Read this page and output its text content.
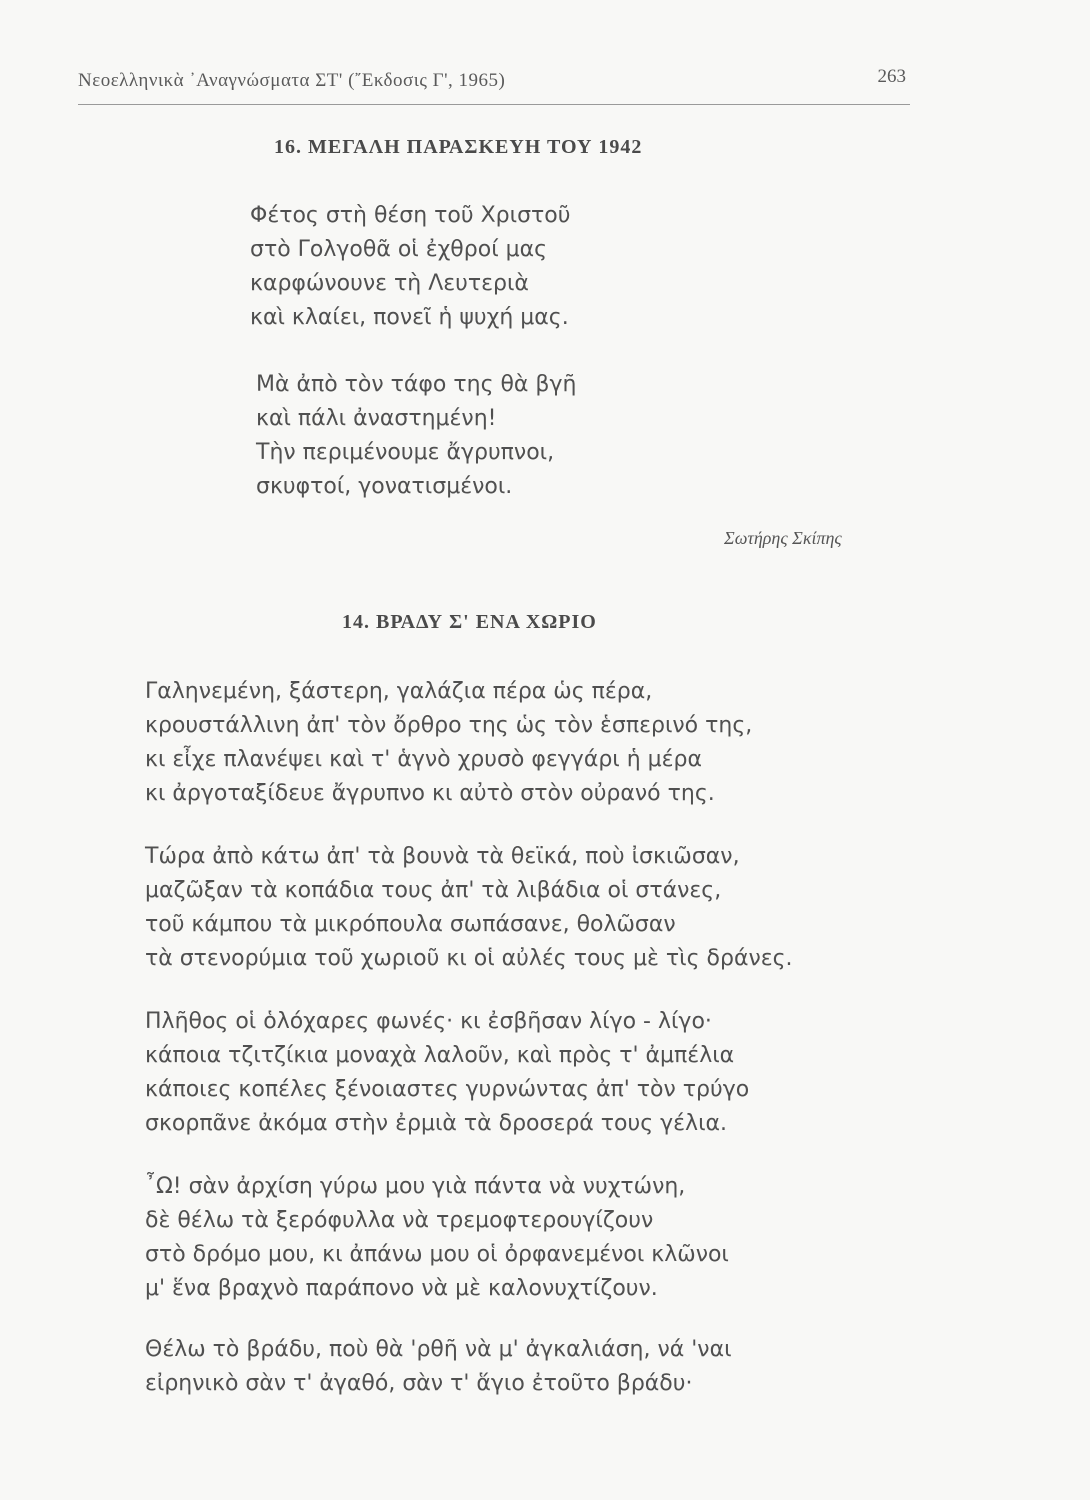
Νεοελληνικὰ ᾿Αναγνώσματα ΣΤ' (῎Εκδοσις Γ', 1965)	263
16. ΜΕΓΑΛΗ ΠΑΡΑΣΚΕΥΗ ΤΟΥ 1942
Φέτος στὴ θέση τοῦ Χριστοῦ
στὸ Γολγοθᾶ οἱ ἐχθροί μας
καρφώνουνε τὴ Λευτεριὰ
καὶ κλαίει, πονεῖ ἡ ψυχή μας.
Μὰ ἀπὸ τὸν τάφο της θὰ βγῆ
καὶ πάλι ἀναστημένη!
Τὴν περιμένουμε ἄγρυπνοι,
σκυφτοί, γονατισμένοι.
Σωτήρης Σκίπης
14. ΒΡΑΔΥ Σ' ΕΝΑ ΧΩΡΙΟ
Γαληνεμένη, ξάστερη, γαλάζια πέρα ὡς πέρα,
κρουστάλλινη ἀπ' τὸν ὄρθρο της ὡς τὸν ἑσπερινό της,
κι εἶχε πλανέψει καὶ τ' ἁγνὸ χρυσὸ φεγγάρι ἡ μέρα
κι ἀργοταξίδευε ἄγρυπνο κι αὐτὸ στὸν οὐρανό της.
Τώρα ἀπὸ κάτω ἀπ' τὰ βουνὰ τὰ θεϊκά, ποὺ ἰσκιῶσαν,
μαζῶξαν τὰ κοπάδια τους ἀπ' τὰ λιβάδια οἱ στάνες,
τοῦ κάμπου τὰ μικρόπουλα σωπάσανε, θολῶσαν
τὰ στενορύμια τοῦ χωριοῦ κι οἱ αὐλές τους μὲ τὶς δράνες.
Πλῆθος οἱ ὁλόχαρες φωνές· κι ἐσβῆσαν λίγο - λίγο·
κάποια τζιτζίκια μοναχὰ λαλοῦν, καὶ πρὸς τ' ἀμπέλια
κάποιες κοπέλες ξένοιαστες γυρνώντας ἀπ' τὸν τρύγο
σκορπᾶνε ἀκόμα στὴν ἐρμιὰ τὰ δροσερά τους γέλια.
῏Ω! σὰν ἀρχίση γύρω μου γιὰ πάντα νὰ νυχτώνη,
δὲ θέλω τὰ ξερόφυλλα νὰ τρεμοφτερουγίζουν
στὸ δρόμο μου, κι ἀπάνω μου οἱ ὀρφανεμένοι κλῶνοι
μ' ἕνα βραχνὸ παράπονο νὰ μὲ καλονυχτίζουν.
Θέλω τὸ βράδυ, ποὺ θὰ 'ρθῆ νὰ μ' ἀγκαλιάση, νά 'ναι
εἰρηνικὸ σὰν τ' ἀγαθό, σὰν τ' ἅγιο ἐτοῦτο βράδυ·
